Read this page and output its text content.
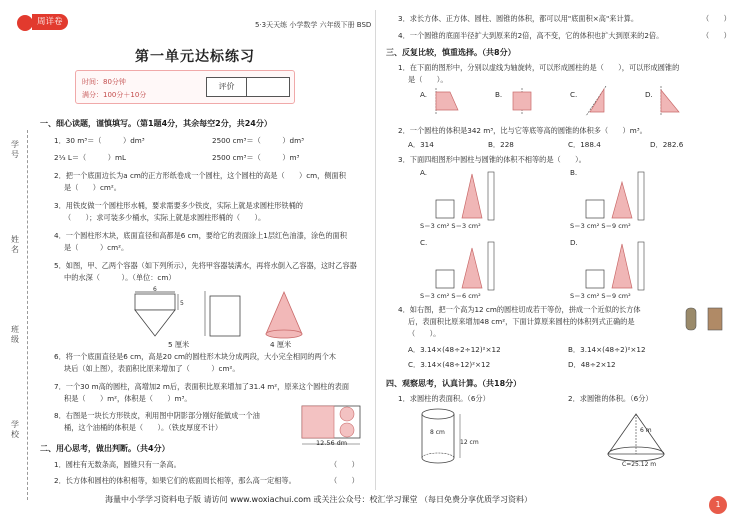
学号
姓名
班级
学校
周详卷	5·3天天练 小学数学 六年级下册 BSD
第一单元达标练习
时间：80分钟
满分：100分＋10分
评价
一、细心读题，谨慎填写。（第1题4分，其余每空2分，共24分）
1．30 m³＝（　　　）dm³	2500 cm³＝（　　　）dm³
2⅓ L＝（　　　）mL	2500 cm³＝（　　　）m³
2．把一个底面边长为a cm的正方形纸卷成一个圆柱，这个圆柱的高是（　　）cm，侧面积
是（　　）cm²。
3．用铁皮做一个圆柱形水桶，要求需要多少铁皮，实际上就是求圆柱形铁桶的
（　　）；求可装多少桶水，实际上就是求圆柱形桶的（　　）。
4．一个圆柱形木块，底面直径和高都是6 cm，要给它的表面涂上1层红色油漆，涂色的面积
是（　　　）cm²。
5．如图，甲、乙两个容器（如下列所示），先将甲容器装满水，再将水倒入乙容器，这时乙容器
中的水深（　　　）。（单位：cm）
6
5
5 厘米	4 厘米
6．将一个底面直径是6 cm，高是20 cm的圆柱形木块分成两段，大小完全相同的两个木
块后（如上图），表面积比原来增加了（　　　）cm²。
7．一个30 m高的圆柱，高增加2 m后，表面积比原来增加了31.4 m²，原来这个圆柱的表面
积是（　　）m²，体积是（　　）m³。
8．右图是一块长方形铁皮，利用图中阴影部分刚好能做成一个油
桶，这个油桶的体积是（　　）。（铁皮厚度不计）
12.56 dm
二、用心思考，做出判断。（共4分）
1．圆柱有无数条高，圆锥只有一条高。	（　　）
2．长方体和圆柱的体积相等，如果它们的底面周长相等，那么高一定相等。	（　　）
3．求长方体、正方体、圆柱、圆锥的体积，都可以用"底面积×高"来计算。	（　　）
4．一个圆锥的底面半径扩大到原来的2倍，高不变，它的体积也扩大到原来的2倍。	（　　）
三、反复比较，慎重选择。（共8分）
1．在下面的图形中，分别以虚线为轴旋转，可以形成圆柱的是（　　），可以形成圆锥的
是（　　）。
A.	B.	C.	D.
2．一个圆柱的体积是342 m³，比与它等底等高的圆锥的体积多（　　）m³。
A．314	B．228	C．188.4	D．282.6
3．下面四组图形中圆柱与圆锥的体积不相等的是（　　）。
A.
S＝3 cm² S＝3 cm²
B.
S＝3 cm² S＝9 cm²
C.
S＝3 cm² S＝6 cm²
D.
S＝3 cm² S＝9 cm²
4．如右图，把一个高为12 cm的圆柱切成若干等份，拼成一个近似的长方体
后，表面积比原来增加48 cm²，下面计算原来圆柱的体积列式正确的是
（　　）。
A．3.14×(48÷2÷12)²×12	B．3.14×(48÷2)²×12
C．3.14×(48÷12)²×12	D．48÷2×12
四、观察思考，认真计算。（共18分）
1．求圆柱的表面积。（6分）	2．求圆锥的体积。（6分）
8 cm
12 cm
6 m
C=25.12 m
海量中小学学习资料电子版 请访问 www.woxiachui.com 或关注公众号：校汇学习课堂 （每日免费分享优质学习资料）
1
